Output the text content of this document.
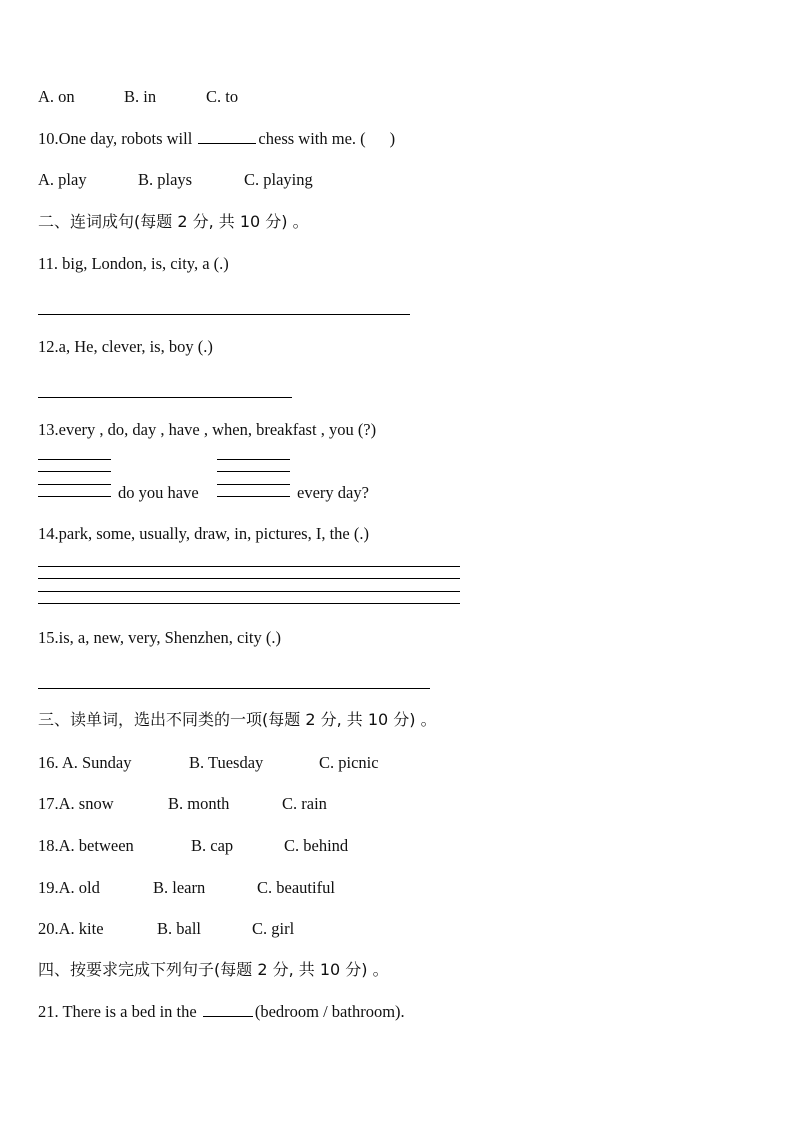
A. on	B. in	C. to
10.One day, robots will	chess with me. ( )
A. play	B. plays	C. playing
二、连词成句(每题 2 分, 共 10 分) 。
11. big, London, is, city, a (.)
12.a, He, clever, is, boy (.)
13.every , do, day , have , when, breakfast , you (?)
do you have	every day?
14.park, some, usually, draw, in, pictures, I, the (.)
15.is, a, new, very, Shenzhen, city (.)
三、读单词，选出不同类的一项(每题 2 分, 共 10 分) 。
16. A. Sunday	B. Tuesday	C. picnic
17.A. snow	B. month	C. rain
18.A. between	B. cap	C. behind
19.A. old	B. learn	C. beautiful
20.A. kite	B. ball	C. girl
四、按要求完成下列句子(每题 2 分, 共 10 分) 。
21. There is a bed in the	(bedroom / bathroom).
